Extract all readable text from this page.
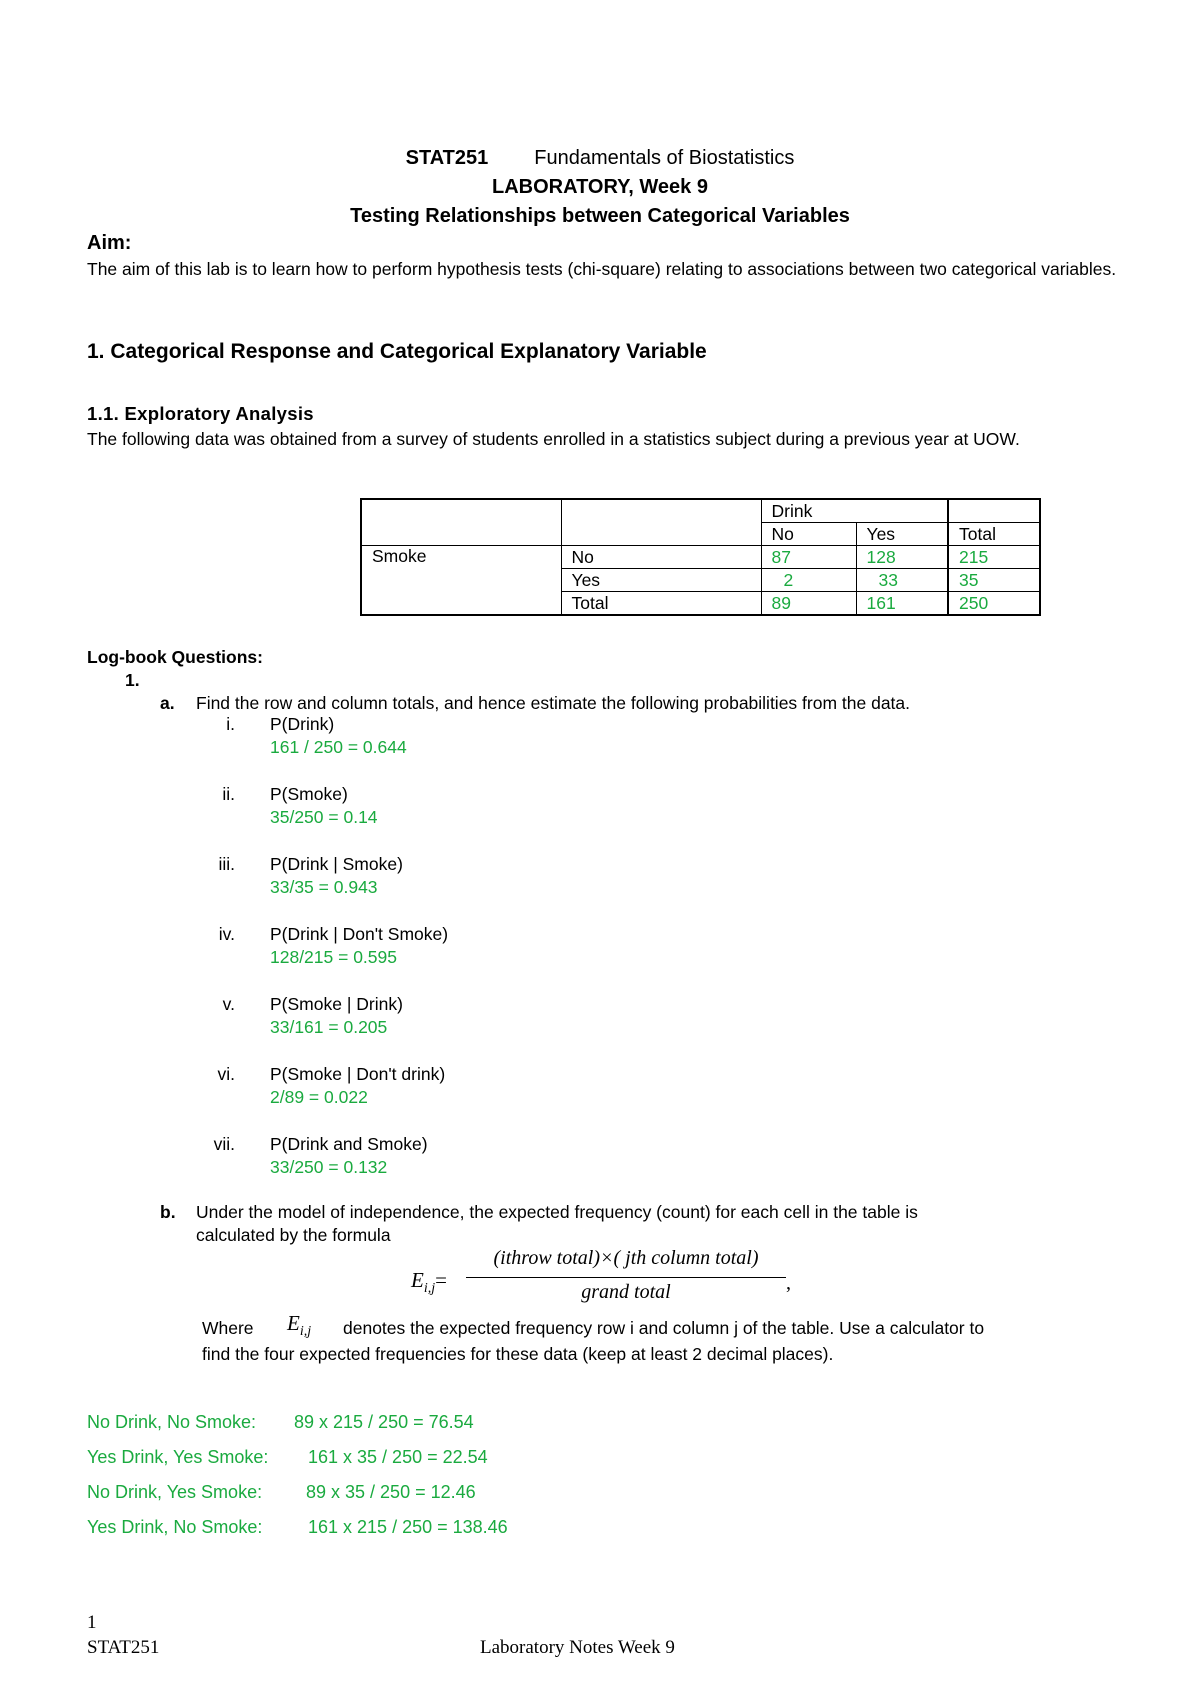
STAT251 Fundamentals of Biostatistics
LABORATORY, Week 9
Testing Relationships between Categorical Variables
Aim:
The aim of this lab is to learn how to perform hypothesis tests (chi-square) relating to associations between two categorical variables.
1. Categorical Response and Categorical Explanatory Variable
1.1. Exploratory Analysis
The following data was obtained from a survey of students enrolled in a statistics subject during a previous year at UOW.
		Drink		
		No	Yes	Total
Smoke	No	87	128	215
	Yes	2	33	35
	Total	89	161	250
Log-book Questions:
1.
a. Find the row and column totals, and hence estimate the following probabilities from the data.
i. P(Drink)
161 / 250 = 0.644
ii. P(Smoke)
35/250 = 0.14
iii. P(Drink | Smoke)
33/35 = 0.943
iv. P(Drink | Don't Smoke)
128/215 = 0.595
v. P(Smoke | Drink)
33/161 = 0.205
vi. P(Smoke | Don't drink)
2/89 = 0.022
vii. P(Drink and Smoke)
33/250 = 0.132
b. Under the model of independence, the expected frequency (count) for each cell in the table is
calculated by the formula
$E_{i,j}=$
(ithrow total)×( jth column total)
grand total	,
Where $E_{i,j}$ denotes the expected frequency row i and column j of the table. Use a calculator to
find the four expected frequencies for these data (keep at least 2 decimal places).
No Drink, No Smoke: 89 x 215 / 250 = 76.54
Yes Drink, Yes Smoke: 161 x 35 / 250 = 22.54
No Drink, Yes Smoke: 89 x 35 / 250 = 12.46
Yes Drink, No Smoke:	161 x 215 / 250 = 138.46
1
STAT251	Laboratory Notes Week 9
